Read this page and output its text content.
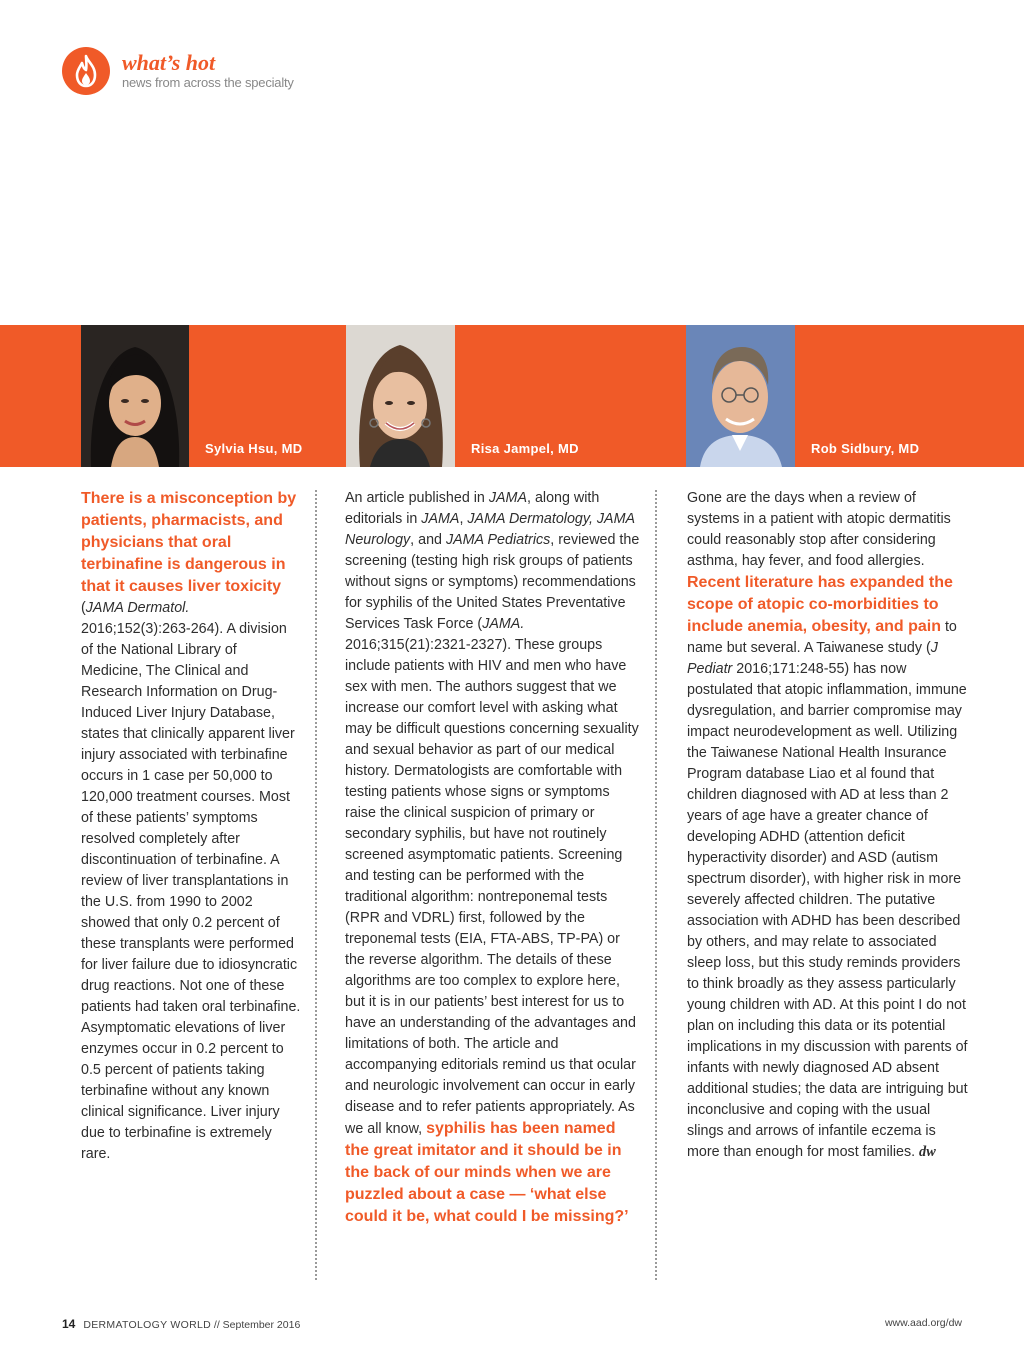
what’s hot
news from across the specialty
Sylvia Hsu, MD	Risa Jampel, MD	Rob Sidbury, MD
There is a misconception by patients, pharmacists, and physicians that oral terbinafine is dangerous in that it causes liver toxicity (JAMA Dermatol. 2016;152(3):263-264). A division of the National Library of Medicine, The Clinical and Research Information on Drug-Induced Liver Injury Database, states that clinically apparent liver injury associated with terbinafine occurs in 1 case per 50,000 to 120,000 treatment courses. Most of these patients’ symptoms resolved completely after discontinuation of terbinafine. A review of liver transplantations in the U.S. from 1990 to 2002 showed that only 0.2 percent of these transplants were performed for liver failure due to idiosyncratic drug reactions. Not one of these patients had taken oral terbinafine. Asymptomatic elevations of liver enzymes occur in 0.2 percent to 0.5 percent of patients taking terbinafine without any known clinical significance. Liver injury due to terbinafine is extremely rare.
An article published in JAMA, along with editorials in JAMA, JAMA Dermatology, JAMA Neurology, and JAMA Pediatrics, reviewed the screening (testing high risk groups of patients without signs or symptoms) recommendations for syphilis of the United States Preventative Services Task Force (JAMA. 2016;315(21):2321-2327). These groups include patients with HIV and men who have sex with men. The authors suggest that we increase our comfort level with asking what may be difficult questions concerning sexuality and sexual behavior as part of our medical history. Dermatologists are comfortable with testing patients whose signs or symptoms raise the clinical suspicion of primary or secondary syphilis, but have not routinely screened asymptomatic patients. Screening and testing can be performed with the traditional algorithm: nontreponemal tests (RPR and VDRL) first, followed by the treponemal tests (EIA, FTA-ABS, TP-PA) or the reverse algorithm. The details of these algorithms are too complex to explore here, but it is in our patients’ best interest for us to have an understanding of the advantages and limitations of both. The article and accompanying editorials remind us that ocular and neurologic involvement can occur in early disease and to refer patients appropriately. As we all know, syphilis has been named the great imitator and it should be in the back of our minds when we are puzzled about a case — ‘what else could it be, what could I be missing?’
Gone are the days when a review of systems in a patient with atopic dermatitis could reasonably stop after considering asthma, hay fever, and food allergies. Recent literature has expanded the scope of atopic co-morbidities to include anemia, obesity, and pain to name but several. A Taiwanese study (J Pediatr 2016;171:248-55) has now postulated that atopic inflammation, immune dysregulation, and barrier compromise may impact neurodevelopment as well. Utilizing the Taiwanese National Health Insurance Program database Liao et al found that children diagnosed with AD at less than 2 years of age have a greater chance of developing ADHD (attention deficit hyperactivity disorder) and ASD (autism spectrum disorder), with higher risk in more severely affected children. The putative association with ADHD has been described by others, and may relate to associated sleep loss, but this study reminds providers to think broadly as they assess particularly young children with AD. At this point I do not plan on including this data or its potential implications in my discussion with parents of infants with newly diagnosed AD absent additional studies; the data are intriguing but inconclusive and coping with the usual slings and arrows of infantile eczema is more than enough for most families. dw
14 DERMATOLOGY WORLD // September 2016	www.aad.org/dw
